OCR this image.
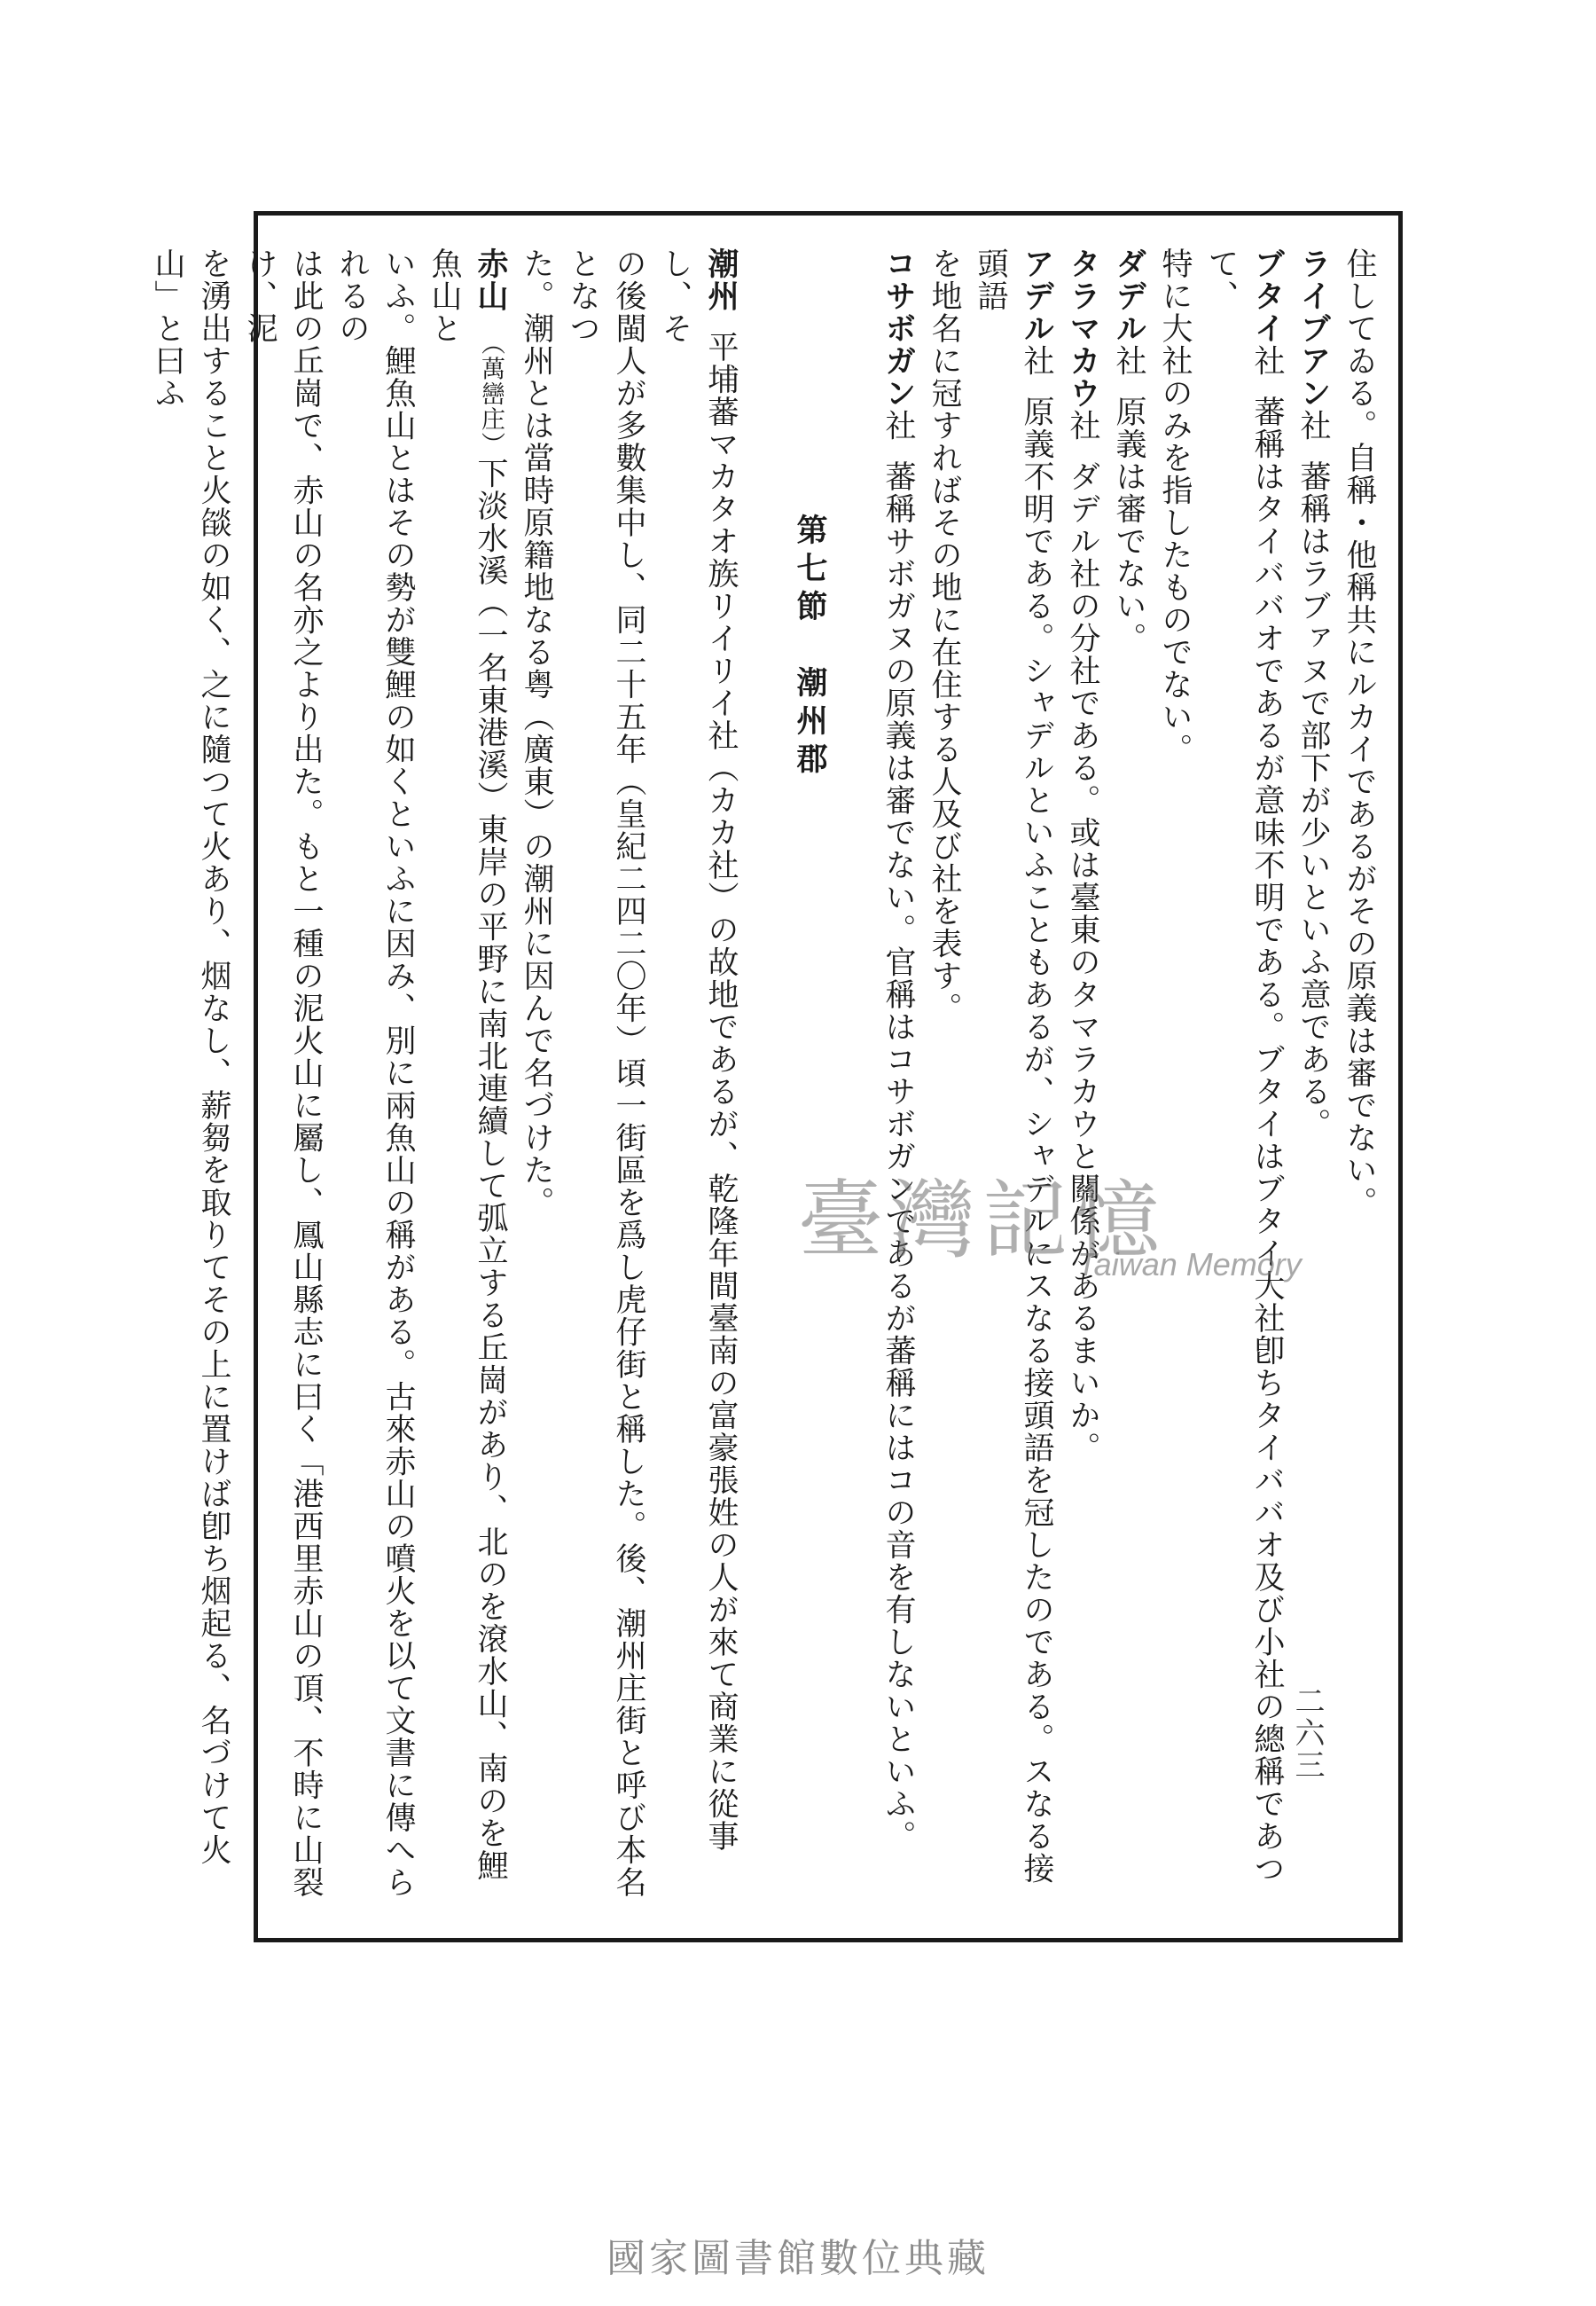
住してゐる。自稱・他稱共にルカイであるがその原義は審でない。
ライブアン社蕃稱はラブァヌで部下が少いといふ意である。
ブタイ社蕃稱はタイババオであるが意味不明である。ブタイはブタイ大社卽ちタイババオ及び小社の總稱であつて、
特に大社のみを指したものでない。
ダデル社原義は審でない。
タラマカウ社ダデル社の分社である。或は臺東のタマラカウと關係があるまいか。
アデル社原義不明である。シャデルといふこともあるが、シャデルにスなる接頭語を冠したのである。スなる接頭語
を地名に冠すればその地に在住する人及び社を表す。
コサボガン社蕃稱サボガヌの原義は審でない。官稱はコサボガンであるが蕃稱にはコの音を有しないといふ。
第七節　潮州郡
潮州平埔蕃マカタオ族リイリイ社（カカ社）の故地であるが、乾隆年間臺南の富豪張姓の人が來て商業に從事し、そ
の後閩人が多數集中し、同二十五年（皇紀二四二〇年）頃一街區を爲し虎仔街と稱した。後、潮州庄街と呼び本名となつ
た。潮州とは當時原籍地なる粤（廣東）の潮州に因んで名づけた。
赤山（萬巒庄）下淡水溪（一名東港溪）東岸の平野に南北連續して弧立する丘崗があり、北のを滾水山、南のを鯉魚山と
いふ。鯉魚山とはその勢が雙鯉の如くといふに因み、別に兩魚山の稱がある。古來赤山の噴火を以て文書に傳へられるの
は此の丘崗で、赤山の名亦之より出た。もと一種の泥火山に屬し、鳳山縣志に曰く「港西里赤山の頂、不時に山裂け、泥
を湧出すること火燄の如く、之に隨つて火あり、烟なし、薪芻を取りてその上に置けば卽ち烟起る、名づけて火山」と曰ふ
二六三
臺灣記憶
Taiwan Memory
國家圖書館數位典藏
